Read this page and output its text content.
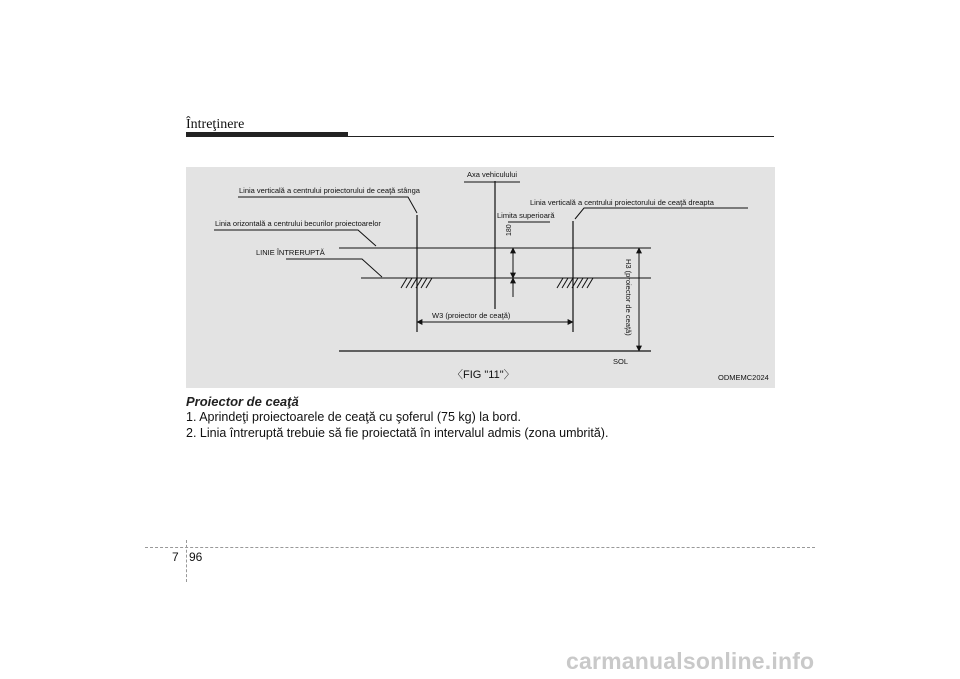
Întreţinere
Axa vehiculului
Linia verticală a centrului proiectorului de ceaţă stânga
Linia verticală a centrului proiectorului de ceaţă dreapta
Linia orizontală a centrului becurilor proiectoarelor
Limita superioară
LINIE ÎNTRERUPTĂ
180
H3 (proiector de ceaţă)
W3 (proiector de ceaţă)
SOL
〈FIG "11"〉	ODMEMC2024
Proiector de ceaţă
1. Aprindeţi proiectoarele de ceaţă cu şoferul (75 kg) la bord.
2. Linia întreruptă trebuie să fie proiectată în intervalul admis (zona umbrită).
7 96
carmanualsonline.info
